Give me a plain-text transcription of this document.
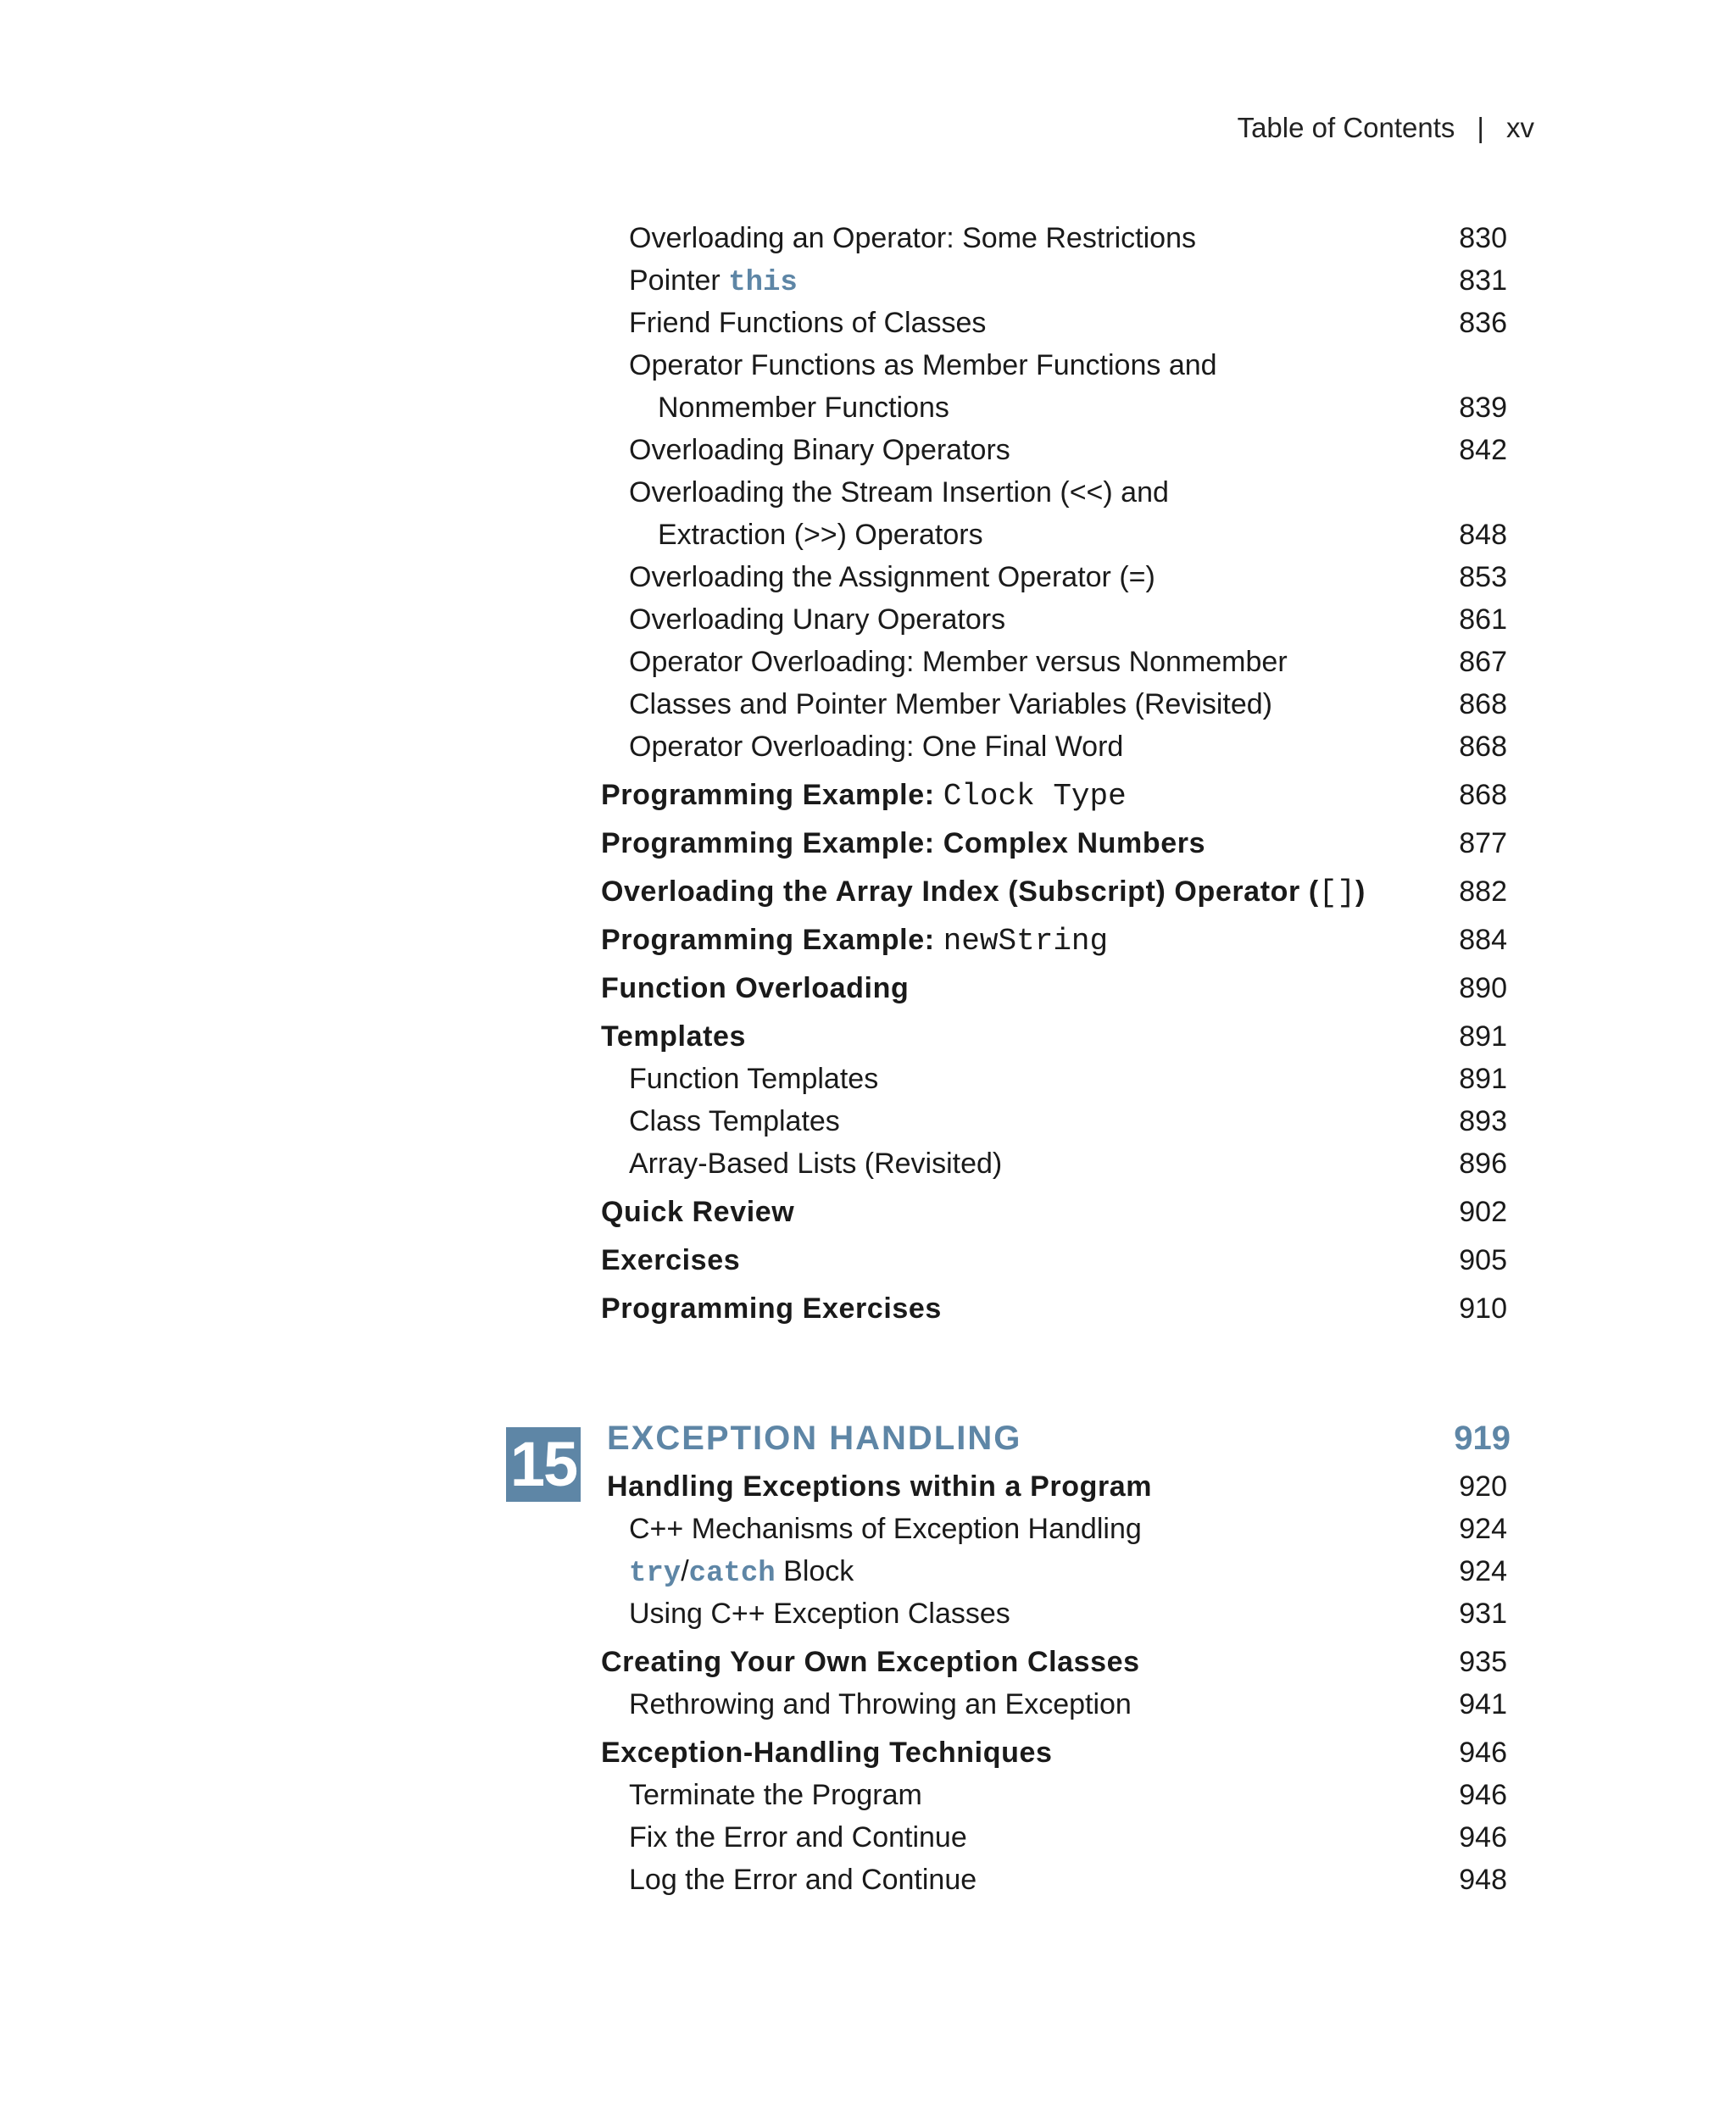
Table of Contents | xv
Overloading an Operator: Some Restrictions	830
Pointer this	831
Friend Functions of Classes	836
Operator Functions as Member Functions and
Nonmember Functions	839
Overloading Binary Operators	842
Overloading the Stream Insertion (<<) and
Extraction (>>) Operators	848
Overloading the Assignment Operator (=)	853
Overloading Unary Operators	861
Operator Overloading: Member versus Nonmember	867
Classes and Pointer Member Variables (Revisited)	868
Operator Overloading: One Final Word	868
Programming Example: Clock Type	868
Programming Example: Complex Numbers	877
Overloading the Array Index (Subscript) Operator ([])	882
Programming Example: newString	884
Function Overloading	890
Templates	891
Function Templates	891
Class Templates	893
Array-Based Lists (Revisited)	896
Quick Review	902
Exercises	905
Programming Exercises	910
15 EXCEPTION HANDLING	919
Handling Exceptions within a Program	920
C++ Mechanisms of Exception Handling	924
try/catch Block	924
Using C++ Exception Classes	931
Creating Your Own Exception Classes	935
Rethrowing and Throwing an Exception	941
Exception-Handling Techniques	946
Terminate the Program	946
Fix the Error and Continue	946
Log the Error and Continue	948
